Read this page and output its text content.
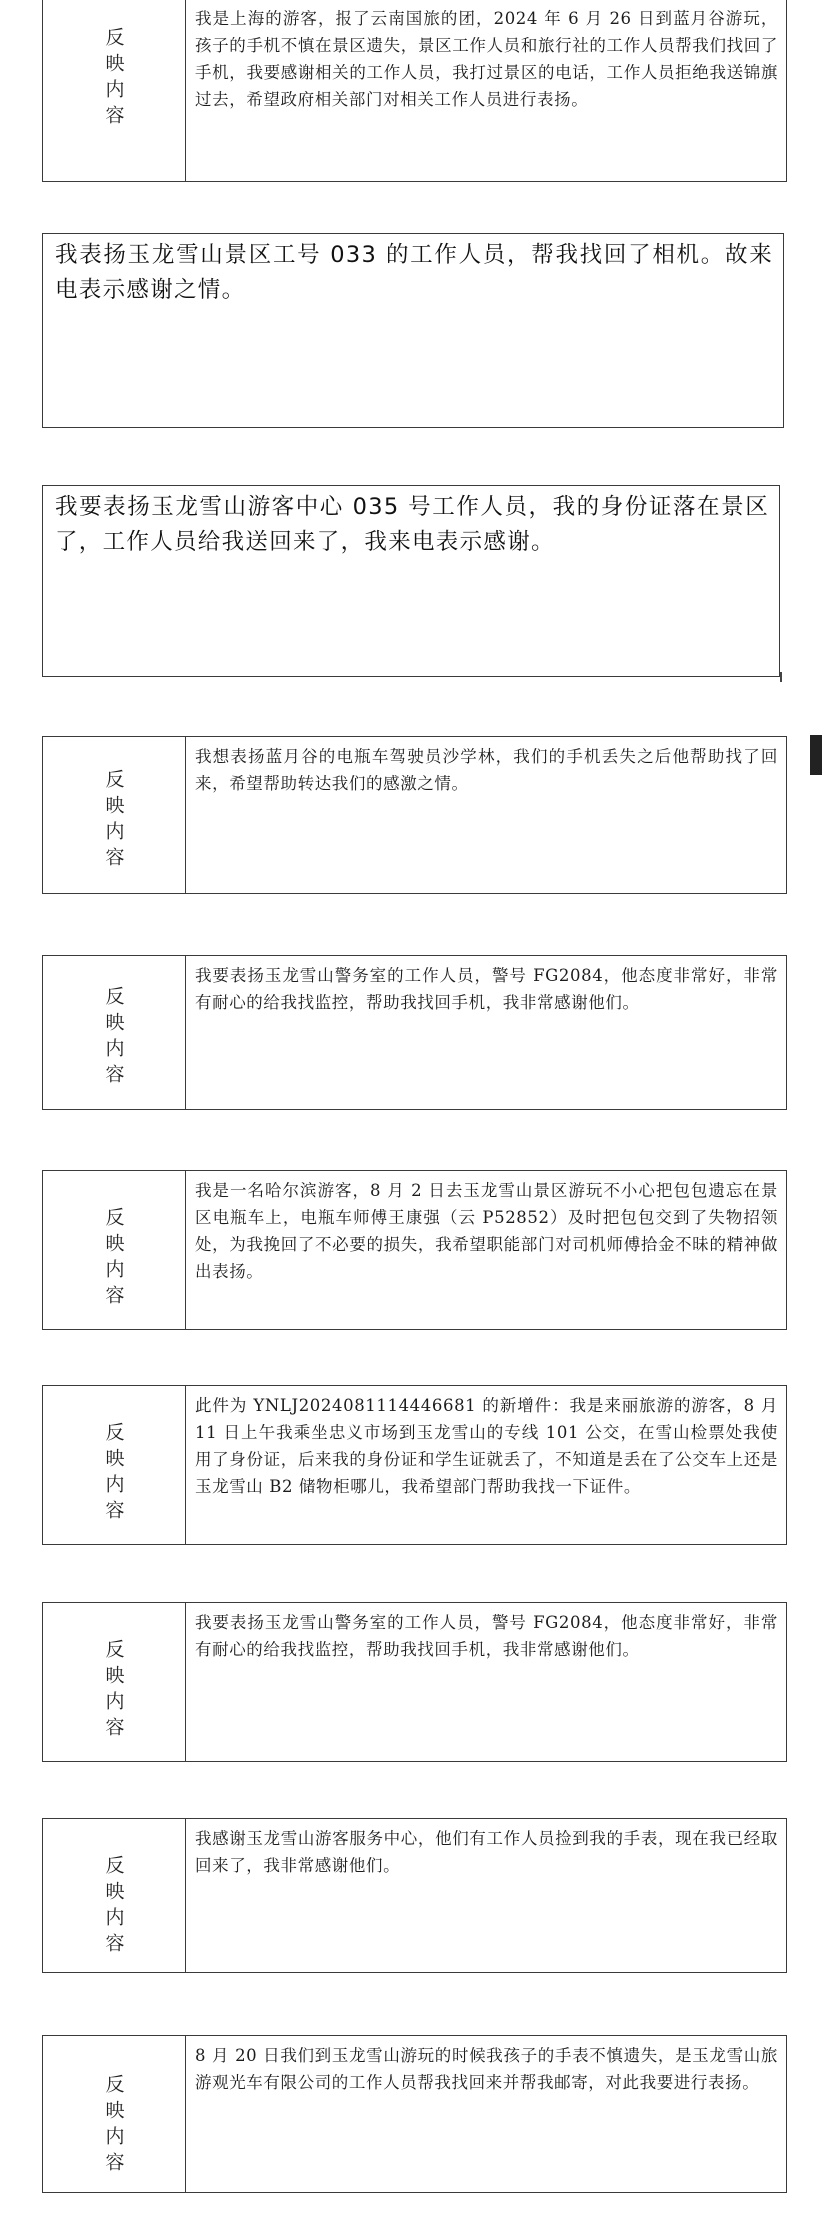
反映内容
我是上海的游客，报了云南国旅的团，2024 年 6 月 26 日到蓝月谷游玩，孩子的手机不慎在景区遗失，景区工作人员和旅行社的工作人员帮我们找回了手机，我要感谢相关的工作人员，我打过景区的电话，工作人员拒绝我送锦旗过去，希望政府相关部门对相关工作人员进行表扬。
我表扬玉龙雪山景区工号 033 的工作人员，帮我找回了相机。故来电表示感谢之情。
我要表扬玉龙雪山游客中心 035 号工作人员，我的身份证落在景区了，工作人员给我送回来了，我来电表示感谢。
反映内容
我想表扬蓝月谷的电瓶车驾驶员沙学林，我们的手机丢失之后他帮助找了回来，希望帮助转达我们的感激之情。
反映内容
我要表扬玉龙雪山警务室的工作人员，警号 FG2084，他态度非常好，非常有耐心的给我找监控，帮助我找回手机，我非常感谢他们。
反映内容
我是一名哈尔滨游客，8 月 2 日去玉龙雪山景区游玩不小心把包包遗忘在景区电瓶车上，电瓶车师傅王康强（云 P52852）及时把包包交到了失物招领处，为我挽回了不必要的损失，我希望职能部门对司机师傅拾金不昧的精神做出表扬。
反映内容
此件为 YNLJ2024081114446681 的新增件：我是来丽旅游的游客，8 月 11 日上午我乘坐忠义市场到玉龙雪山的专线 101 公交，在雪山检票处我使用了身份证，后来我的身份证和学生证就丢了，不知道是丢在了公交车上还是玉龙雪山 B2 储物柜哪儿，我希望部门帮助我找一下证件。
反映内容
我要表扬玉龙雪山警务室的工作人员，警号 FG2084，他态度非常好，非常有耐心的给我找监控，帮助我找回手机，我非常感谢他们。
反映内容
我感谢玉龙雪山游客服务中心，他们有工作人员捡到我的手表，现在我已经取回来了，我非常感谢他们。
反映内容
8 月 20 日我们到玉龙雪山游玩的时候我孩子的手表不慎遗失，是玉龙雪山旅游观光车有限公司的工作人员帮我找回来并帮我邮寄，对此我要进行表扬。
